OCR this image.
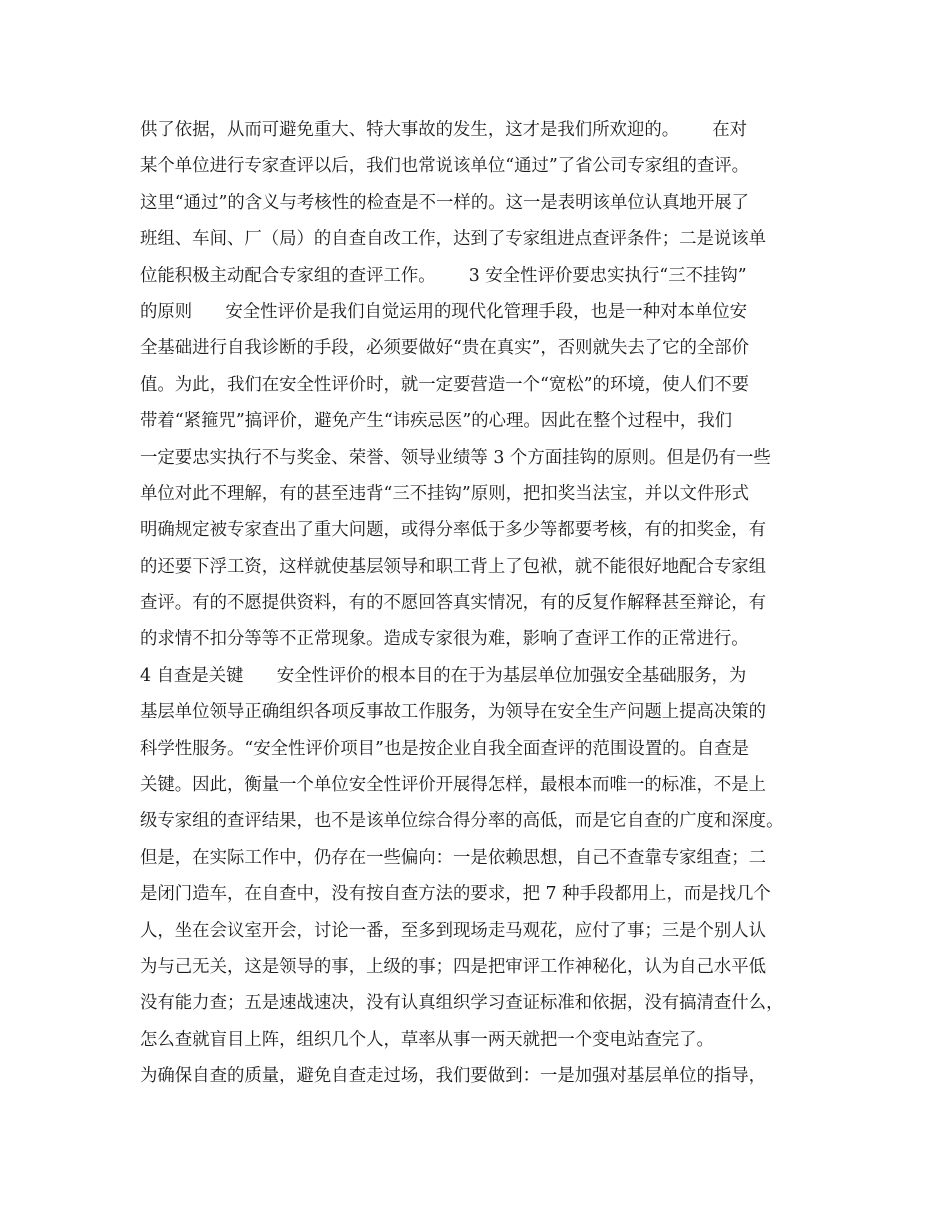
供了依据，从而可避免重大、特大事故的发生，这才是我们所欢迎的。      在对
某个单位进行专家查评以后，我们也常说该单位“通过”了省公司专家组的查评。
这里“通过”的含义与考核性的检查是不一样的。这一是表明该单位认真地开展了
班组、车间、厂（局）的自查自改工作，达到了专家组进点查评条件；二是说该单
位能积极主动配合专家组的查评工作。      3 安全性评价要忠实执行“三不挂钩”
的原则      安全性评价是我们自觉运用的现代化管理手段，也是一种对本单位安
全基础进行自我诊断的手段，必须要做好“贵在真实”，否则就失去了它的全部价
值。为此，我们在安全性评价时，就一定要营造一个“宽松”的环境，使人们不要
带着“紧箍咒”搞评价，避免产生“讳疾忌医”的心理。因此在整个过程中，我们
一定要忠实执行不与奖金、荣誉、领导业绩等 3 个方面挂钩的原则。但是仍有一些
单位对此不理解，有的甚至违背“三不挂钩”原则，把扣奖当法宝，并以文件形式
明确规定被专家查出了重大问题，或得分率低于多少等都要考核，有的扣奖金，有
的还要下浮工资，这样就使基层领导和职工背上了包袱，就不能很好地配合专家组
查评。有的不愿提供资料，有的不愿回答真实情况，有的反复作解释甚至辩论，有
的求情不扣分等等不正常现象。造成专家很为难，影响了查评工作的正常进行。
4 自查是关键      安全性评价的根本目的在于为基层单位加强安全基础服务，为
基层单位领导正确组织各项反事故工作服务，为领导在安全生产问题上提高决策的
科学性服务。“安全性评价项目”也是按企业自我全面查评的范围设置的。自查是
关键。因此，衡量一个单位安全性评价开展得怎样，最根本而唯一的标准，不是上
级专家组的查评结果，也不是该单位综合得分率的高低，而是它自查的广度和深度。
但是，在实际工作中，仍存在一些偏向：一是依赖思想，自己不查靠专家组查；二
是闭门造车，在自查中，没有按自查方法的要求，把 7 种手段都用上，而是找几个
人，坐在会议室开会，讨论一番，至多到现场走马观花，应付了事；三是个别人认
为与己无关，这是领导的事，上级的事；四是把审评工作神秘化，认为自己水平低
没有能力查；五是速战速决，没有认真组织学习查证标准和依据，没有搞清查什么，
怎么查就盲目上阵，组织几个人，草率从事一两天就把一个变电站查完了。
为确保自查的质量，避免自查走过场，我们要做到：一是加强对基层单位的指导，
